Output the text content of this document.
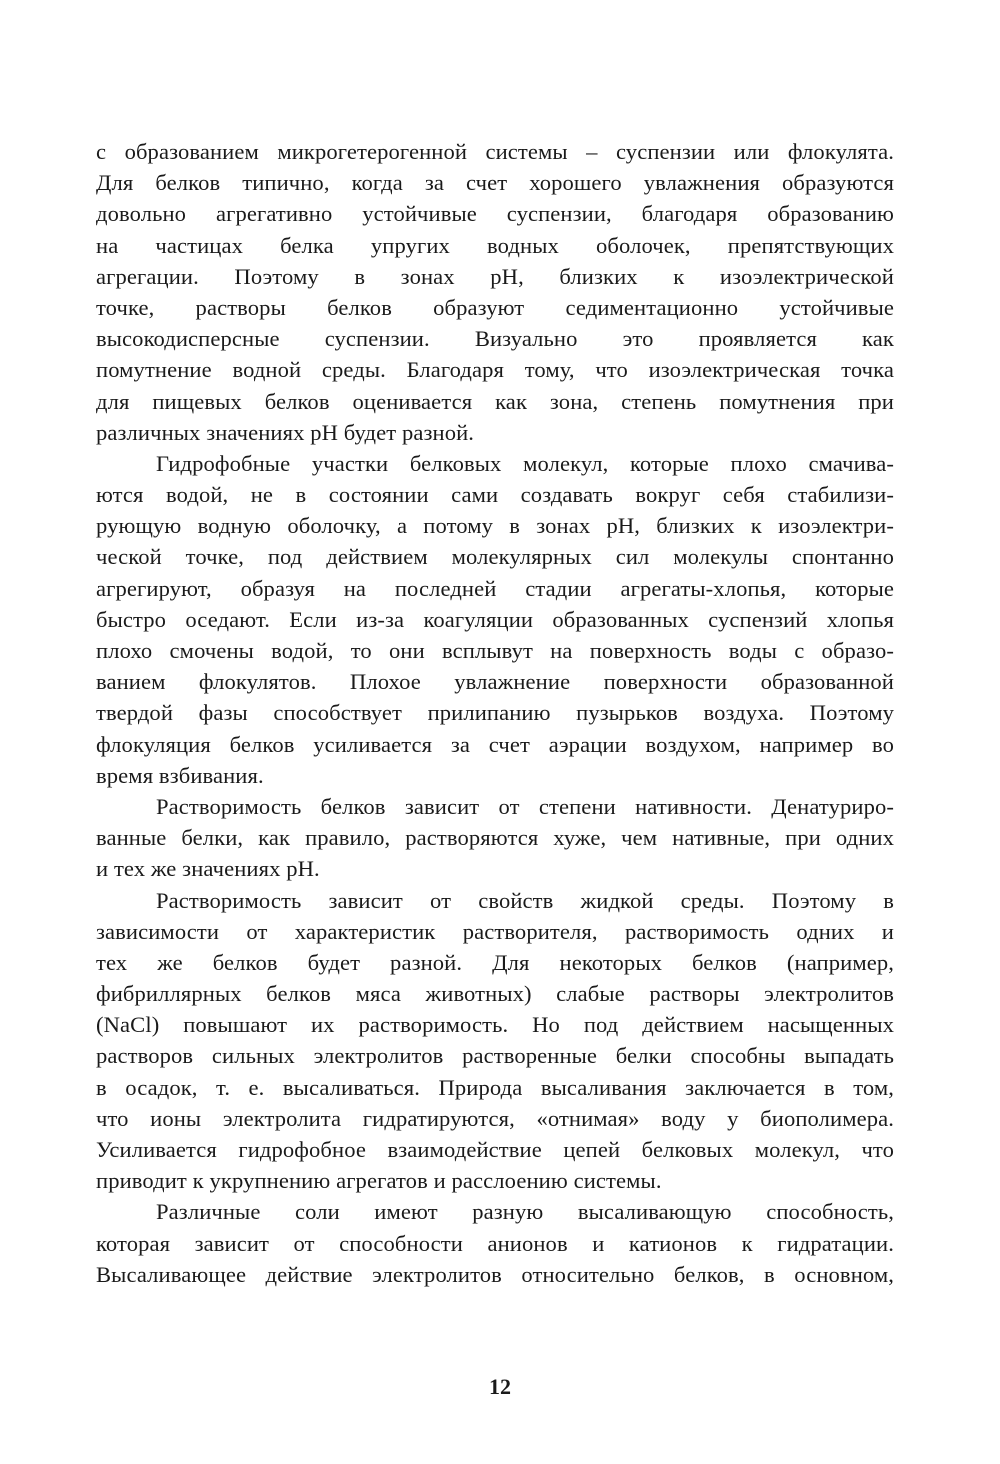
с образованием микрогетерогенной системы – суспензии или флокулята.
Для белков типично, когда за счет хорошего увлажнения образуются
довольно агрегативно устойчивые суспензии, благодаря образованию
на частицах белка упругих водных оболочек, препятствующих
агрегации. Поэтому в зонах pH, близких к изоэлектрической
точке, растворы белков образуют седиментационно устойчивые
высокодисперсные суспензии. Визуально это проявляется как
помутнение водной среды. Благодаря тому, что изоэлектрическая точка
для пищевых белков оценивается как зона, степень помутнения при
различных значениях pH будет разной.
Гидрофобные участки белковых молекул, которые плохо смачива-
ются водой, не в состоянии сами создавать вокруг себя стабилизи-
рующую водную оболочку, а потому в зонах pH, близких к изоэлектри-
ческой точке, под действием молекулярных сил молекулы спонтанно
агрегируют, образуя на последней стадии агрегаты-хлопья, которые
быстро оседают. Если из-за коагуляции образованных суспензий хлопья
плохо смочены водой, то они всплывут на поверхность воды с образо-
ванием флокулятов. Плохое увлажнение поверхности образованной
твердой фазы способствует прилипанию пузырьков воздуха. Поэтому
флокуляция белков усиливается за счет аэрации воздухом, например во
время взбивания.
Растворимость белков зависит от степени нативности. Денатуриро-
ванные белки, как правило, растворяются хуже, чем нативные, при одних
и тех же значениях pH.
Растворимость зависит от свойств жидкой среды. Поэтому в
зависимости от характеристик растворителя, растворимость одних и
тех же белков будет разной. Для некоторых белков (например,
фибриллярных белков мяса животных) слабые растворы электролитов
(NaCl) повышают их растворимость. Но под действием насыщенных
растворов сильных электролитов растворенные белки способны выпадать
в осадок, т. е. высаливаться. Природа высаливания заключается в том,
что ионы электролита гидратируются, «отнимая» воду у биополимера.
Усиливается гидрофобное взаимодействие цепей белковых молекул, что
приводит к укрупнению агрегатов и расслоению системы.
Различные соли имеют разную высаливающую способность,
которая зависит от способности анионов и катионов к гидратации.
Высаливающее действие электролитов относительно белков, в основном,
12
